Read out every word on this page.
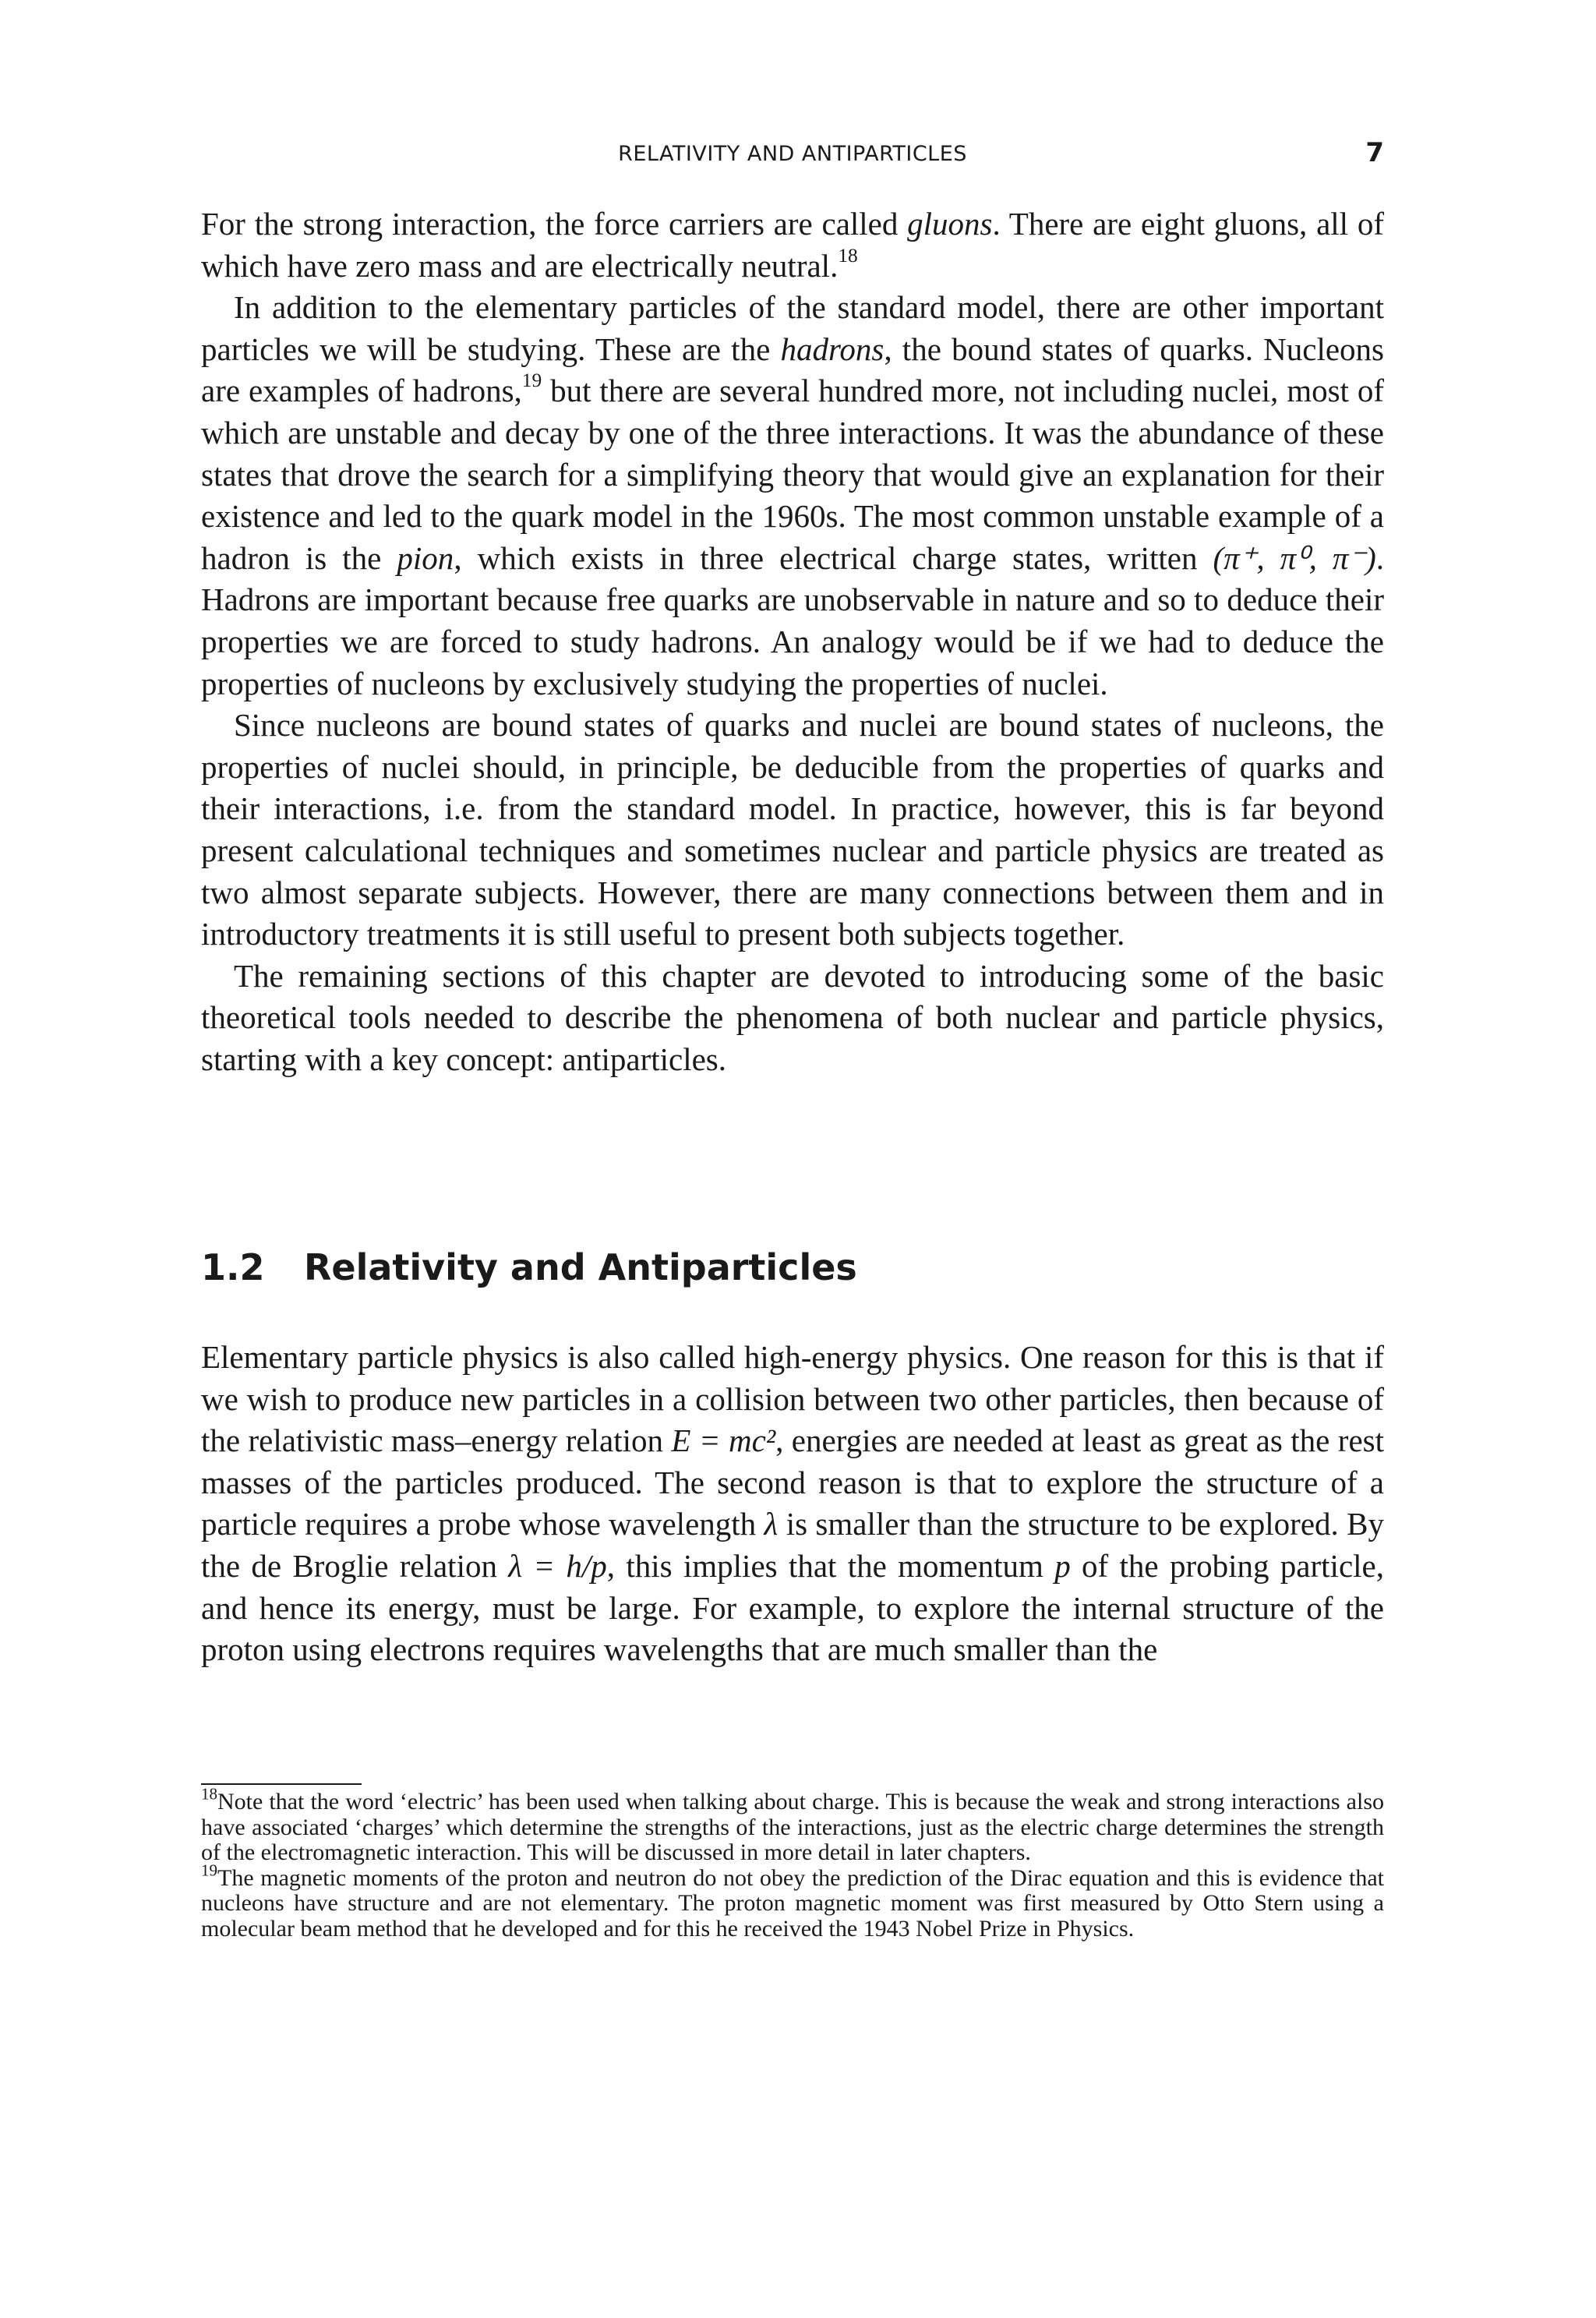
RELATIVITY AND ANTIPARTICLES	7

For the strong interaction, the force carriers are called gluons. There are eight gluons, all of which have zero mass and are electrically neutral.$^{18}$

In addition to the elementary particles of the standard model, there are other important particles we will be studying. These are the hadrons, the bound states of quarks. Nucleons are examples of hadrons,$^{19}$ but there are several hundred more, not including nuclei, most of which are unstable and decay by one of the three interactions. It was the abundance of these states that drove the search for a simplifying theory that would give an explanation for their existence and led to the quark model in the 1960s. The most common unstable example of a hadron is the pion, which exists in three electrical charge states, written (π⁺, π⁰, π⁻). Hadrons are important because free quarks are unobservable in nature and so to deduce their properties we are forced to study hadrons. An analogy would be if we had to deduce the properties of nucleons by exclusively studying the properties of nuclei.

Since nucleons are bound states of quarks and nuclei are bound states of nucleons, the properties of nuclei should, in principle, be deducible from the properties of quarks and their interactions, i.e. from the standard model. In practice, however, this is far beyond present calculational techniques and sometimes nuclear and particle physics are treated as two almost separate subjects. However, there are many connections between them and in introductory treatments it is still useful to present both subjects together.

The remaining sections of this chapter are devoted to introducing some of the basic theoretical tools needed to describe the phenomena of both nuclear and particle physics, starting with a key concept: antiparticles.

1.2 Relativity and Antiparticles

Elementary particle physics is also called high-energy physics. One reason for this is that if we wish to produce new particles in a collision between two other particles, then because of the relativistic mass–energy relation E = mc², energies are needed at least as great as the rest masses of the particles produced. The second reason is that to explore the structure of a particle requires a probe whose wavelength λ is smaller than the structure to be explored. By the de Broglie relation λ = h/p, this implies that the momentum p of the probing particle, and hence its energy, must be large. For example, to explore the internal structure of the proton using electrons requires wavelengths that are much smaller than the

$^{18}$Note that the word ‘electric’ has been used when talking about charge. This is because the weak and strong interactions also have associated ‘charges’ which determine the strengths of the interactions, just as the electric charge determines the strength of the electromagnetic interaction. This will be discussed in more detail in later chapters.

$^{19}$The magnetic moments of the proton and neutron do not obey the prediction of the Dirac equation and this is evidence that nucleons have structure and are not elementary. The proton magnetic moment was first measured by Otto Stern using a molecular beam method that he developed and for this he received the 1943 Nobel Prize in Physics.
